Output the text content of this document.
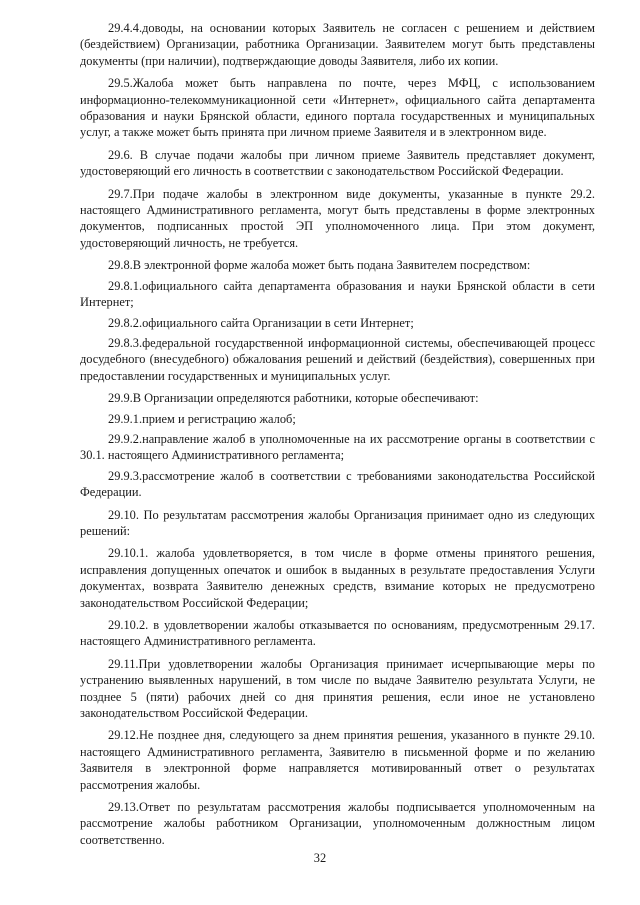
29.4.4.доводы, на основании которых Заявитель не согласен с решением и действием (бездействием) Организации, работника Организации. Заявителем могут быть представлены документы (при наличии), подтверждающие доводы Заявителя, либо их копии.

29.5.Жалоба может быть направлена по почте, через МФЦ, с использованием информационно-телекоммуникационной сети «Интернет», официального сайта департамента образования и науки Брянской области, единого портала государственных и муниципальных услуг, а также может быть принята при личном приеме Заявителя и в электронном виде.

29.6. В случае подачи жалобы при личном приеме Заявитель представляет документ, удостоверяющий его личность в соответствии с законодательством Российской Федерации.

29.7.При подаче жалобы в электронном виде документы, указанные в пункте 29.2. настоящего Административного регламента, могут быть представлены в форме электронных документов, подписанных простой ЭП уполномоченного лица. При этом документ, удостоверяющий личность, не требуется.

29.8.В электронной форме жалоба может быть подана Заявителем посредством:

29.8.1.официального сайта департамента образования и науки Брянской области в сети Интернет;

29.8.2.официального сайта Организации в сети Интернет;

29.8.3.федеральной государственной информационной системы, обеспечивающей процесс досудебного (внесудебного) обжалования решений и действий (бездействия), совершенных при предоставлении государственных и муниципальных услуг.

29.9.В Организации определяются работники, которые обеспечивают:

29.9.1.прием и регистрацию жалоб;

29.9.2.направление жалоб в уполномоченные на их рассмотрение органы в соответствии с 30.1. настоящего Административного регламента;

29.9.3.рассмотрение жалоб в соответствии с требованиями законодательства Российской Федерации.

29.10. По результатам рассмотрения жалобы Организация принимает одно из следующих решений:

29.10.1. жалоба удовлетворяется, в том числе в форме отмены принятого решения, исправления допущенных опечаток и ошибок в выданных в результате предоставления Услуги документах, возврата Заявителю денежных средств, взимание которых не предусмотрено законодательством Российской Федерации;

29.10.2. в удовлетворении жалобы отказывается по основаниям, предусмотренным 29.17. настоящего Административного регламента.

29.11.При удовлетворении жалобы Организация принимает исчерпывающие меры по устранению выявленных нарушений, в том числе по выдаче Заявителю результата Услуги, не позднее 5 (пяти) рабочих дней со дня принятия решения, если иное не установлено законодательством Российской Федерации.

29.12.Не позднее дня, следующего за днем принятия решения, указанного в пункте 29.10. настоящего Административного регламента, Заявителю в письменной форме и по желанию Заявителя в электронной форме направляется мотивированный ответ о результатах рассмотрения жалобы.

29.13.Ответ по результатам рассмотрения жалобы подписывается уполномоченным на рассмотрение жалобы работником Организации, уполномоченным должностным лицом соответственно.

32
